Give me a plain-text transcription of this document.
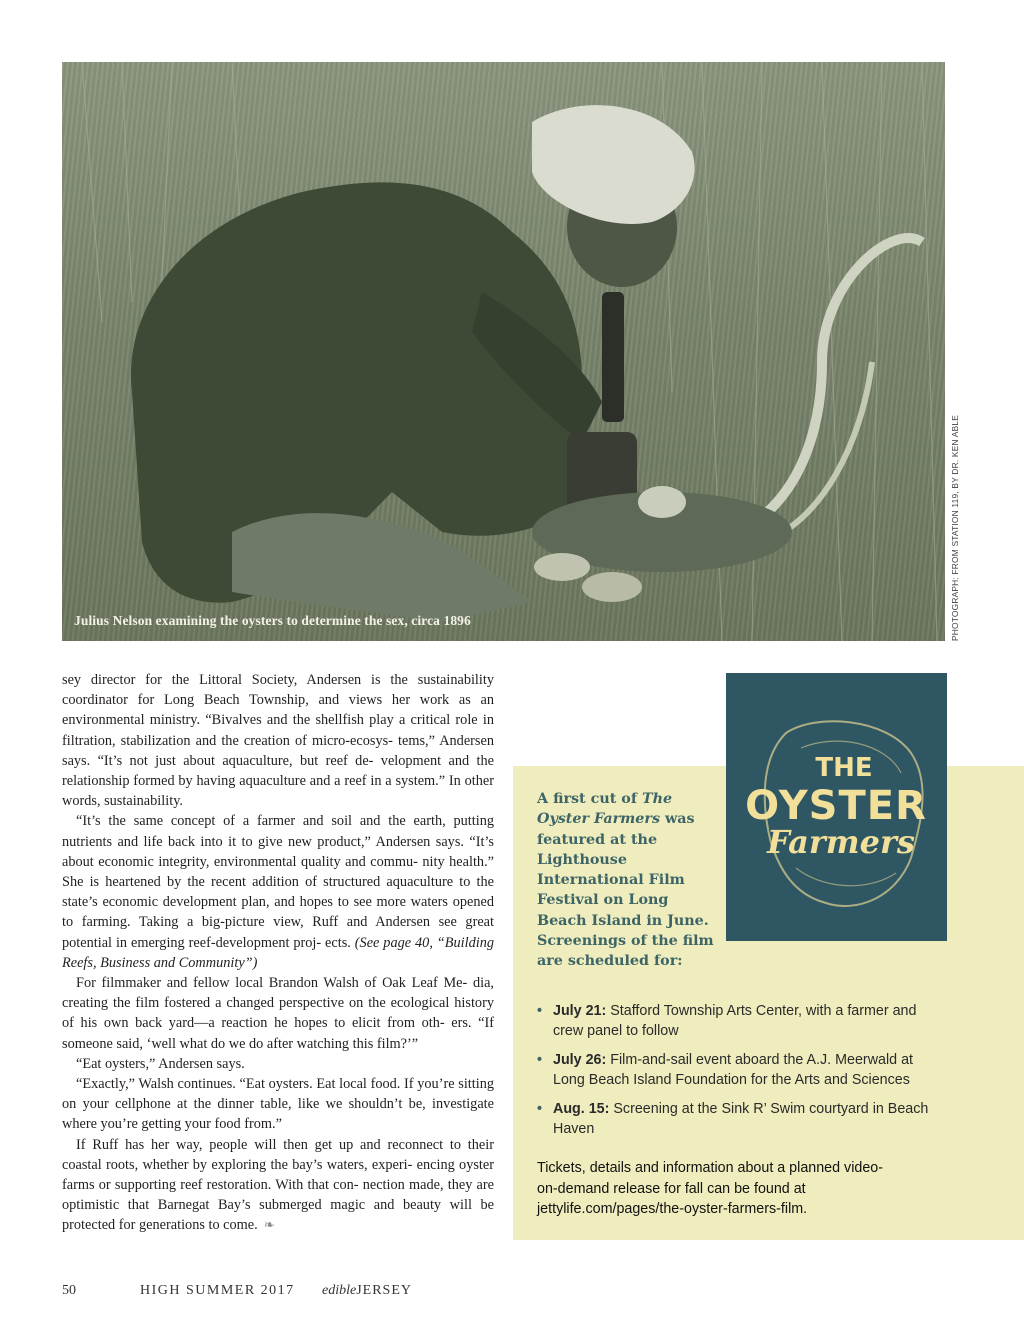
Julius Nelson examining the oysters to determine the sex, circa 1896	PHOTOGRAPH: FROM STATION 119, BY DR. KEN ABLE

sey director for the Littoral Society, Andersen is the sustainability coordinator for Long Beach Township, and views her work as an environmental ministry. “Bivalves and the shellfish play a critical role in filtration, stabilization and the creation of micro-ecosys- tems,” Andersen says. “It’s not just about aquaculture, but reef de- velopment and the relationship formed by having aquaculture and a reef in a system.” In other words, sustainability.

“It’s the same concept of a farmer and soil and the earth, putting nutrients and life back into it to give new product,” Andersen says. “It’s about economic integrity, environmental quality and commu- nity health.” She is heartened by the recent addition of structured aquaculture to the state’s economic development plan, and hopes to see more waters opened to farming. Taking a big-picture view, Ruff and Andersen see great potential in emerging reef-development proj- ects. (See page 40, “Building Reefs, Business and Community”)

For filmmaker and fellow local Brandon Walsh of Oak Leaf Me- dia, creating the film fostered a changed perspective on the ecological history of his own back yard—a reaction he hopes to elicit from oth- ers. “If someone said, ‘well what do we do after watching this film?’”

“Eat oysters,” Andersen says.

“Exactly,” Walsh continues. “Eat oysters. Eat local food. If you’re sitting on your cellphone at the dinner table, like we shouldn’t be, investigate where you’re getting your food from.”

If Ruff has her way, people will then get up and reconnect to their coastal roots, whether by exploring the bay’s waters, experi- encing oyster farms or supporting reef restoration. With that con- nection made, they are optimistic that Barnegat Bay’s submerged magic and beauty will be protected for generations to come. ❧

THE
OYSTER
Farmers
A first cut of The Oyster Farmers was featured at the Lighthouse International Film Festival on Long Beach Island in June. Screenings of the film are scheduled for:
• July 21: Stafford Township Arts Center, with a farmer and crew panel to follow
• July 26: Film-and-sail event aboard the A.J. Meerwald at Long Beach Island Foundation for the Arts and Sciences
• Aug. 15: Screening at the Sink R’ Swim courtyard in Beach Haven
Tickets, details and information about a planned video-on-demand release for fall can be found at jettylife.com/pages/the-oyster-farmers-film.
50	HIGH SUMMER 2017 edible JERSEY
